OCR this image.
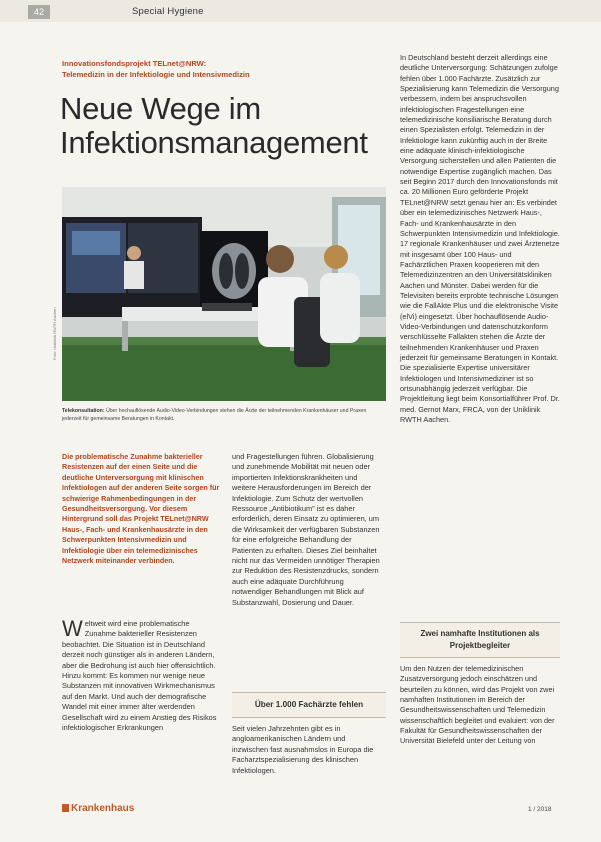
42	Special Hygiene
Innovationsfondsprojekt TELnet@NRW:
Telemedizin in der Infektiologie und Intensivmedizin
Neue Wege im
Infektionsmanagement
Foto: Uniklinik RWTH Aachen
Telekonsultation: Über hochauflösende Audio-Video-Verbindungen stehen die Ärzte der teilnehmenden Krankenhäuser und Praxen jederzeit für gemeinsame Beratungen in Kontakt.
Die problematische Zunahme bakterieller Resistenzen auf der einen Seite und die deutliche Unterversorgung mit klinischen Infektiologen auf der anderen Seite sorgen für schwierige Rahmenbedingungen in der Gesundheitsversorgung. Vor diesem Hintergrund soll das Projekt TELnet@NRW Haus-, Fach- und Krankenhausärzte in den Schwerpunkten Intensivmedizin und Infektiologie über ein telemedizinisches Netzwerk miteinander verbinden.
Weltweit wird eine problematische Zunahme bakterieller Resistenzen beobachtet. Die Situation ist in Deutschland derzeit noch günstiger als in anderen Ländern, aber die Bedrohung ist auch hier offensichtlich. Hinzu kommt: Es kommen nur wenige neue Substanzen mit innovativen Wirkmechanismus auf den Markt. Und auch der demografische Wandel mit einer immer älter werdenden Gesellschaft wird zu einem Anstieg des Risikos infektiologischer Erkrankungen
und Fragestellungen führen. Globalisierung und zunehmende Mobilität mit neuen oder importierten Infektionskrankheiten und weitere Herausforderungen im Bereich der Infektiologie. Zum Schutz der wertvollen Ressource „Antibiotikum" ist es daher erforderlich, deren Einsatz zu optimieren, um die Wirksamkeit der verfügbaren Substanzen für eine erfolgreiche Behandlung der Patienten zu erhalten. Dieses Ziel beinhaltet nicht nur das Vermeiden unnötiger Therapien zur Reduktion des Resistenzdrucks, sondern auch eine adäquate Durchführung notwendiger Behandlungen mit Blick auf Substanzwahl, Dosierung und Dauer.
Über 1.000 Fachärzte fehlen
Seit vielen Jahrzehnten gibt es in angloamerikanischen Ländern und inzwischen fast ausnahmslos in Europa die Facharztspezialisierung des klinischen Infektiologen.
In Deutschland besteht derzeit allerdings eine deutliche Unterversorgung: Schätzungen zufolge fehlen über 1.000 Fachärzte. Zusätzlich zur Spezialisierung kann Telemedizin die Versorgung verbessern, indem bei anspruchsvollen infektiologischen Fragestellungen eine telemedizinische konsiliarische Beratung durch einen Spezialisten erfolgt. Telemedizin in der Infektiologie kann zukünftig auch in der Breite eine adäquate klinisch-infektiologische Versorgung sicherstellen und allen Patienten die notwendige Expertise zugänglich machen. Das seit Beginn 2017 durch den Innovationsfonds mit ca. 20 Millionen Euro geförderte Projekt TELnet@NRW setzt genau hier an: Es verbindet über ein telemedizinisches Netzwerk Haus-, Fach- und Krankenhausärzte in den Schwerpunkten Intensivmedizin und Infektiologie. 17 regionale Krankenhäuser und zwei Ärztenetze mit insgesamt über 100 Haus- und Fachärztlichen Praxen kooperieren mit den Telemedizinzentren an den Universitätskliniken Aachen und Münster. Dabei werden für die Televisiten bereits erprobte technische Lösungen wie die FallAkte Plus und die elektronische Visite (elVi) eingesetzt. Über hochauflösende Audio-Video-Verbindungen und datenschutzkonform verschlüsselte Fallakten stehen die Ärzte der teilnehmenden Krankenhäuser und Praxen jederzeit für gemeinsame Beratungen in Kontakt. Die spezialisierte Expertise universitärer Infektiologen und Intensivmediziner ist so ortsunabhängig jederzeit verfügbar. Die Projektleitung liegt beim Konsortialführer Prof. Dr. med. Gernot Marx, FRCA, von der Uniklinik RWTH Aachen.
Zwei namhafte Institutionen als Projektbegleiter
Um den Nutzen der telemedizinischen Zusatzversorgung jedoch einschätzen und beurteilen zu können, wird das Projekt von zwei namhaften Institutionen im Bereich der Gesundheitswissenschaften und Telemedizin wissenschaftlich begleitet und evaluiert: von der Fakultät für Gesundheitswissenschaften der Universität Bielefeld unter der Leitung von
Krankenhaus	1 / 2018
